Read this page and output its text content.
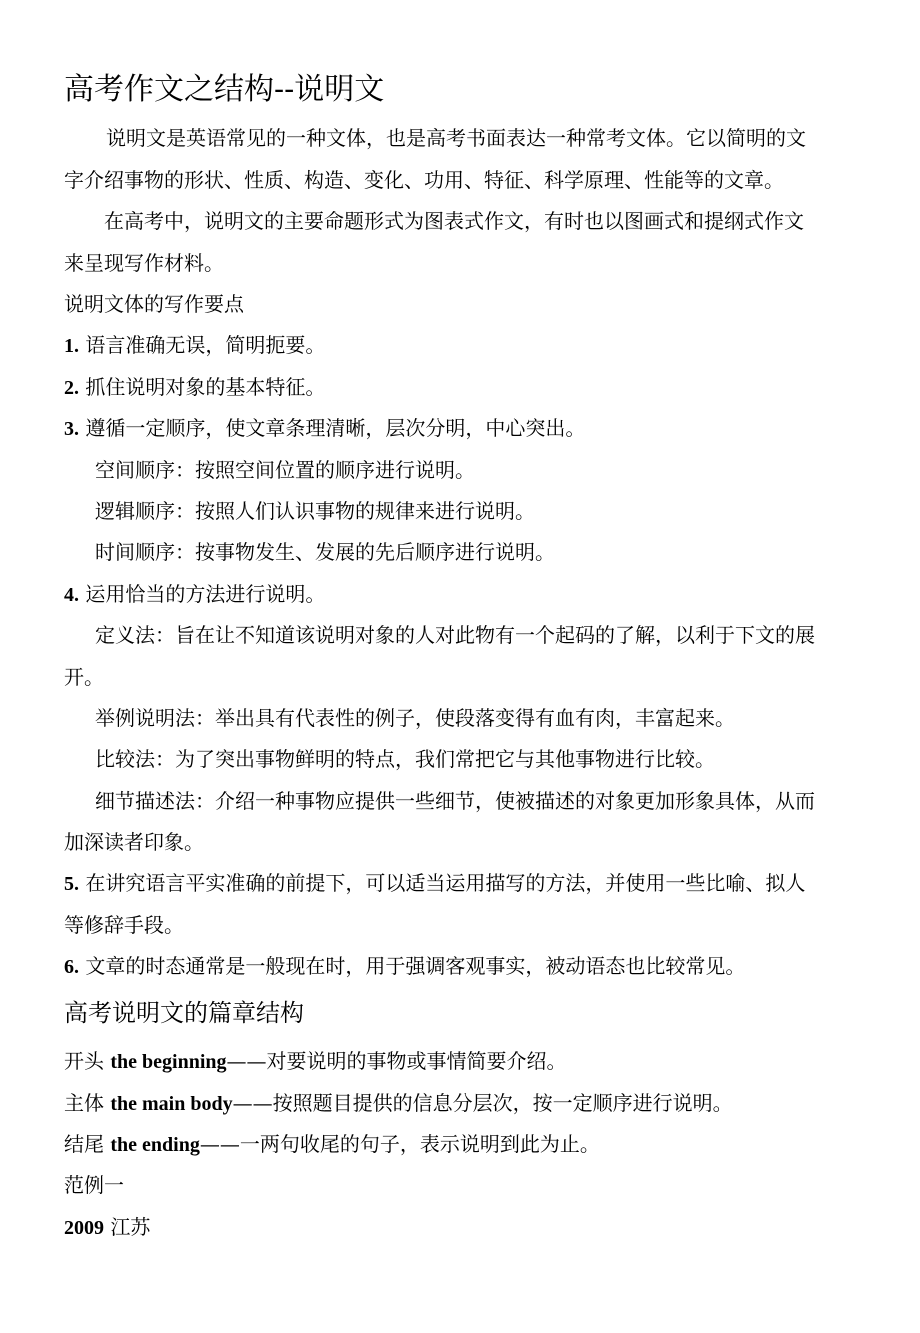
高考作文之结构--说明文
说明文是英语常见的一种文体，也是高考书面表达一种常考文体。它以简明的文
字介绍事物的形状、性质、构造、变化、功用、特征、科学原理、性能等的文章。
在高考中，说明文的主要命题形式为图表式作文，有时也以图画式和提纲式作文
来呈现写作材料。
说明文体的写作要点
1. 语言准确无误，简明扼要。
2. 抓住说明对象的基本特征。
3. 遵循一定顺序，使文章条理清晰，层次分明，中心突出。
空间顺序：按照空间位置的顺序进行说明。
逻辑顺序：按照人们认识事物的规律来进行说明。
时间顺序：按事物发生、发展的先后顺序进行说明。
4. 运用恰当的方法进行说明。
定义法：旨在让不知道该说明对象的人对此物有一个起码的了解，以利于下文的展
开。
举例说明法：举出具有代表性的例子，使段落变得有血有肉，丰富起来。
比较法：为了突出事物鲜明的特点，我们常把它与其他事物进行比较。
细节描述法：介绍一种事物应提供一些细节，使被描述的对象更加形象具体，从而
加深读者印象。
5. 在讲究语言平实准确的前提下，可以适当运用描写的方法，并使用一些比喻、拟人
等修辞手段。
6. 文章的时态通常是一般现在时，用于强调客观事实，被动语态也比较常见。
高考说明文的篇章结构
开头 the beginning——对要说明的事物或事情简要介绍。
主体 the main body——按照题目提供的信息分层次，按一定顺序进行说明。
结尾 the ending——一两句收尾的句子，表示说明到此为止。
范例一
2009 江苏
